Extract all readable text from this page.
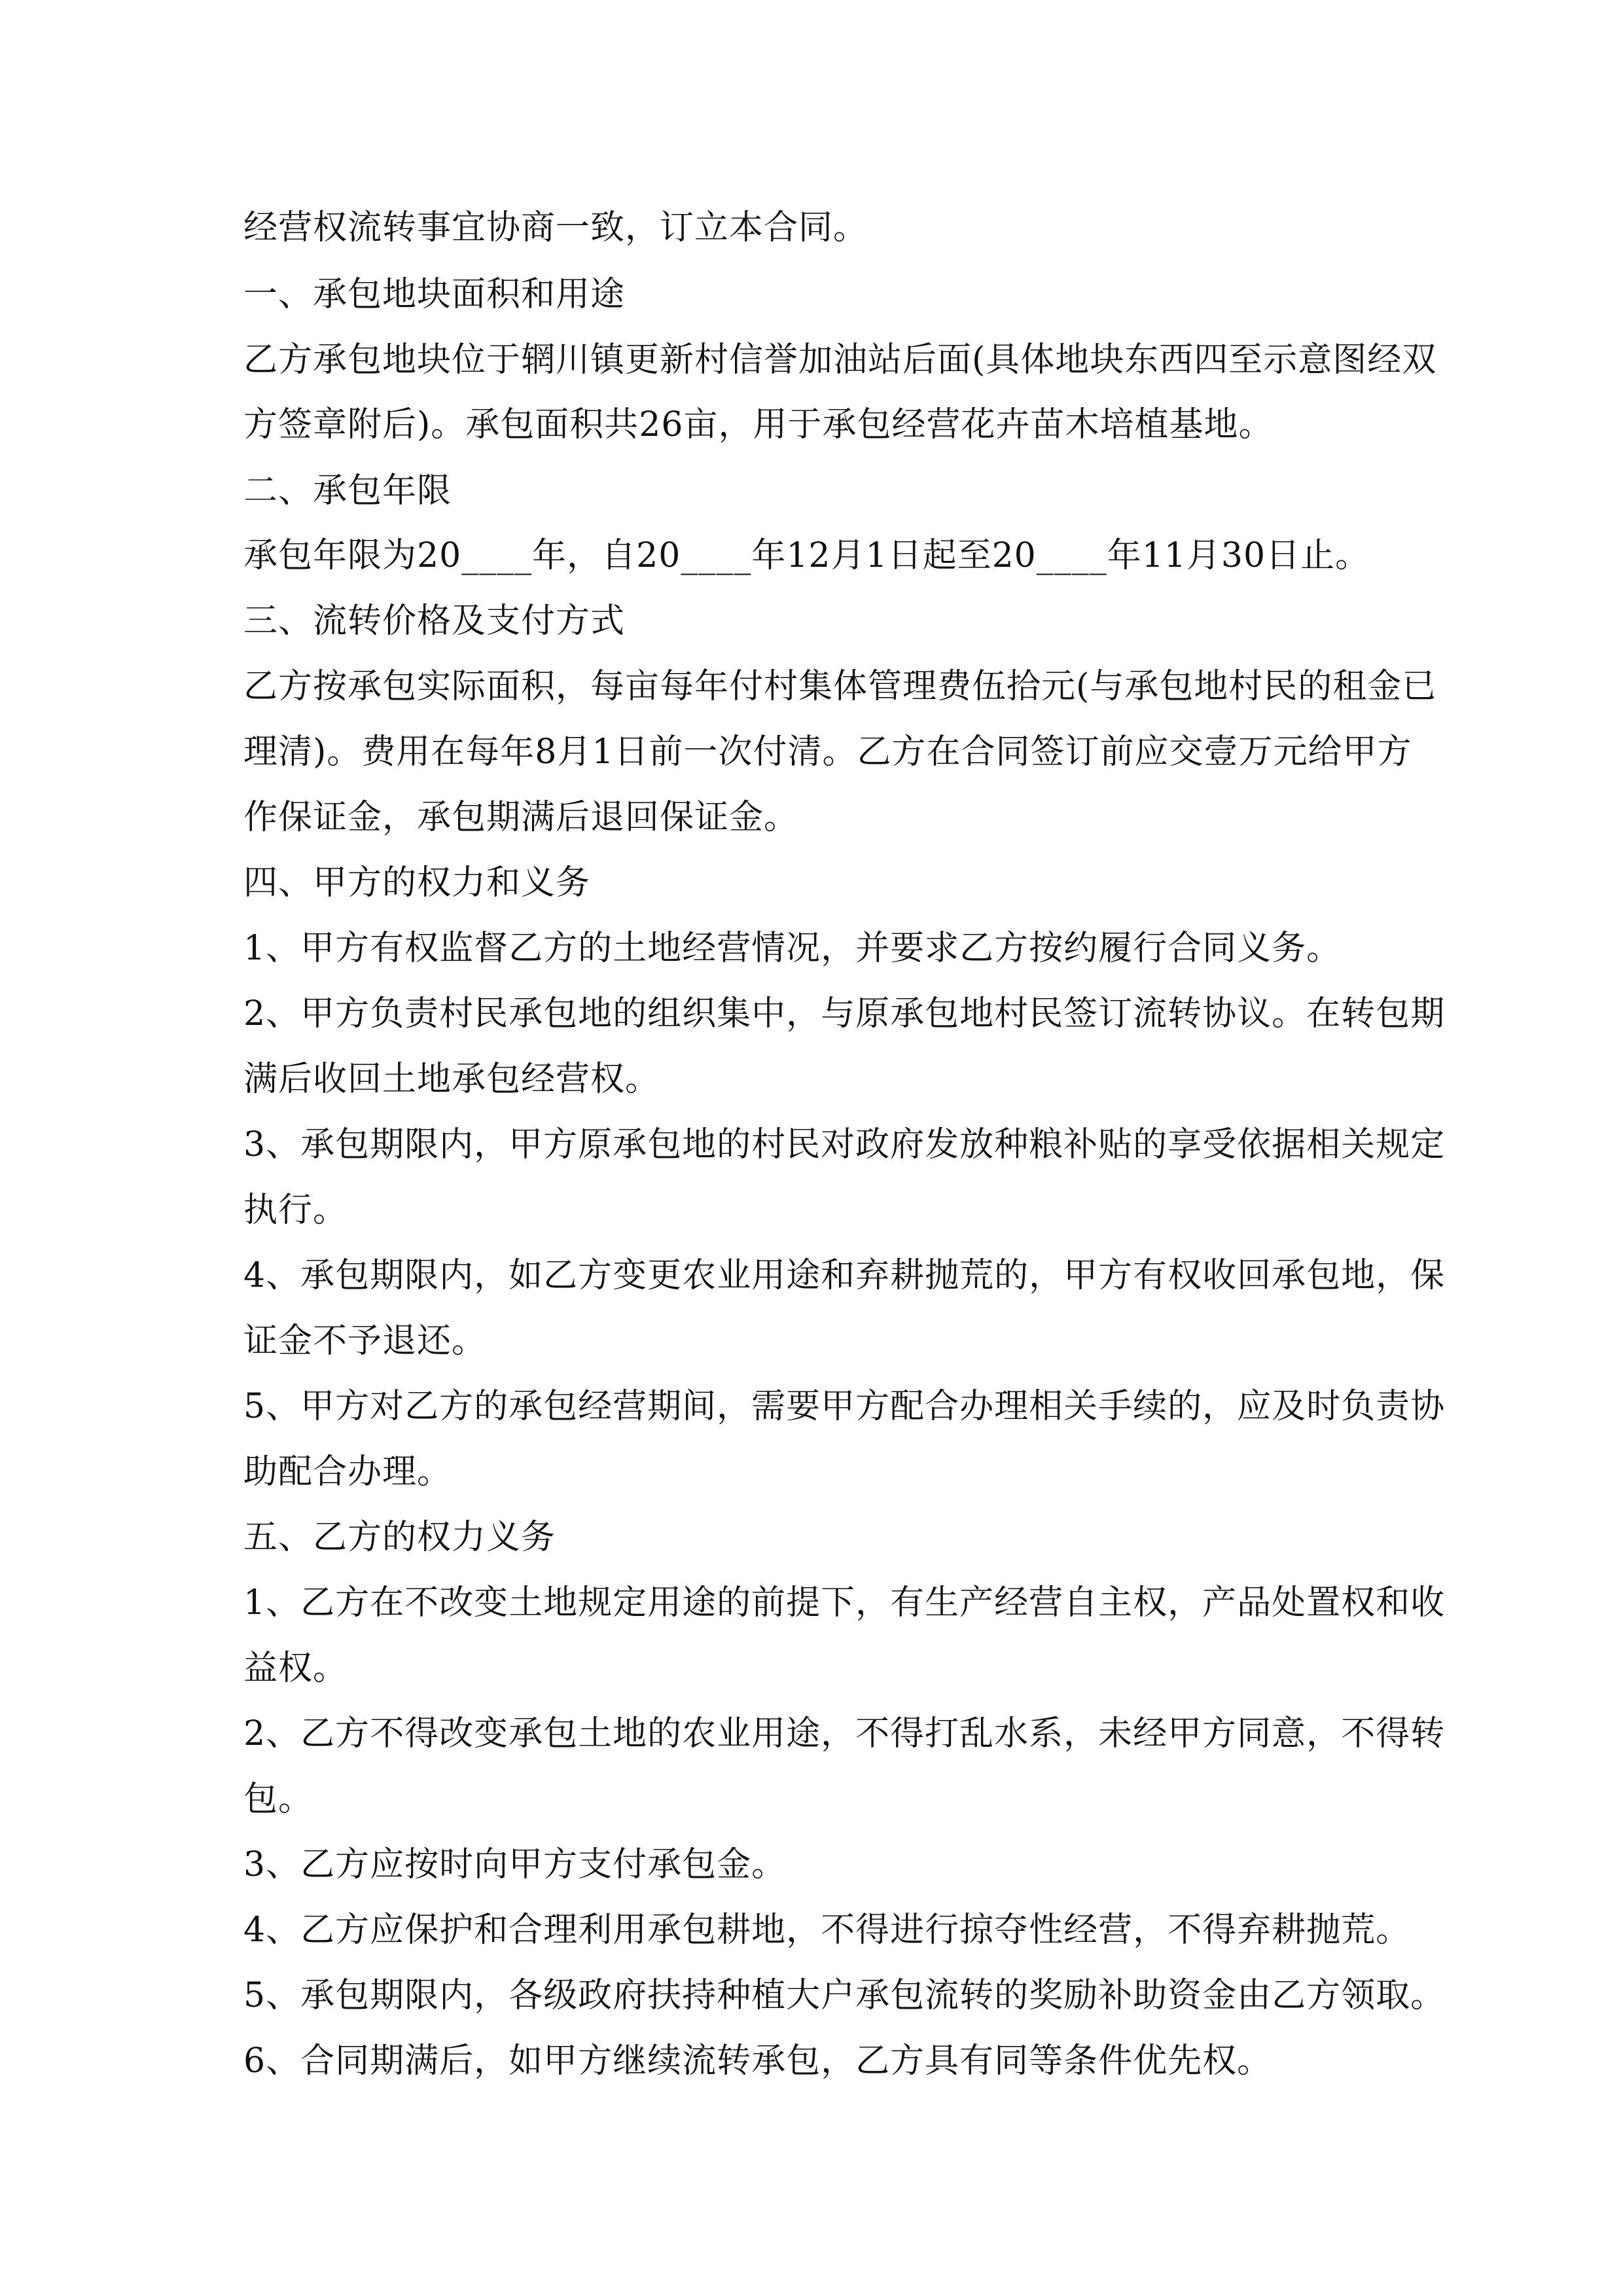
经营权流转事宜协商一致，订立本合同。
一、承包地块面积和用途
乙方承包地块位于辋川镇更新村信誉加油站后面(具体地块东西四至示意图经双
方签章附后)。承包面积共26亩，用于承包经营花卉苗木培植基地。
二、承包年限
承包年限为20____年，自20____年12月1日起至20____年11月30日止。
三、流转价格及支付方式
乙方按承包实际面积，每亩每年付村集体管理费伍拾元(与承包地村民的租金已
理清)。费用在每年8月1日前一次付清。乙方在合同签订前应交壹万元给甲方
作保证金，承包期满后退回保证金。
四、甲方的权力和义务
1、甲方有权监督乙方的土地经营情况，并要求乙方按约履行合同义务。
2、甲方负责村民承包地的组织集中，与原承包地村民签订流转协议。在转包期
满后收回土地承包经营权。
3、承包期限内，甲方原承包地的村民对政府发放种粮补贴的享受依据相关规定
执行。
4、承包期限内，如乙方变更农业用途和弃耕抛荒的，甲方有权收回承包地，保
证金不予退还。
5、甲方对乙方的承包经营期间，需要甲方配合办理相关手续的，应及时负责协
助配合办理。
五、乙方的权力义务
1、乙方在不改变土地规定用途的前提下，有生产经营自主权，产品处置权和收
益权。
2、乙方不得改变承包土地的农业用途，不得打乱水系，未经甲方同意，不得转
包。
3、乙方应按时向甲方支付承包金。
4、乙方应保护和合理利用承包耕地，不得进行掠夺性经营，不得弃耕抛荒。
5、承包期限内，各级政府扶持种植大户承包流转的奖励补助资金由乙方领取。
6、合同期满后，如甲方继续流转承包，乙方具有同等条件优先权。
